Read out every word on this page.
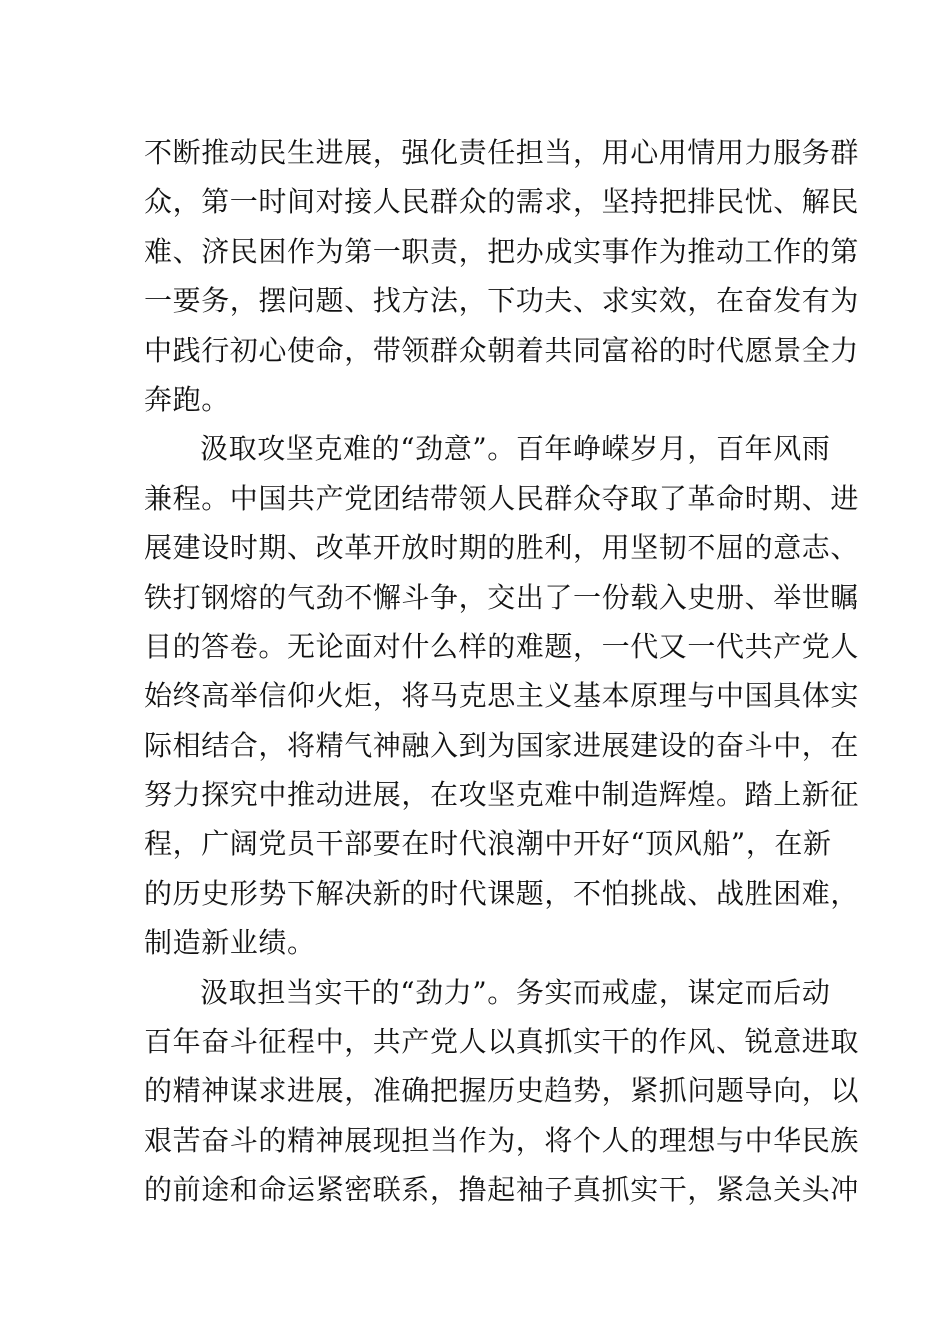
不断推动民生进展，强化责任担当，用心用情用力服务群
众，第一时间对接人民群众的需求，坚持把排民忧、解民
难、济民困作为第一职责，把办成实事作为推动工作的第
一要务，摆问题、找方法，下功夫、求实效，在奋发有为
中践行初心使命，带领群众朝着共同富裕的时代愿景全力
奔跑。
汲取攻坚克难的“劲意”。百年峥嵘岁月，百年风雨
兼程。中国共产党团结带领人民群众夺取了革命时期、进
展建设时期、改革开放时期的胜利，用坚韧不屈的意志、
铁打钢熔的气劲不懈斗争，交出了一份载入史册、举世瞩
目的答卷。无论面对什么样的难题，一代又一代共产党人
始终高举信仰火炬，将马克思主义基本原理与中国具体实
际相结合，将精气神融入到为国家进展建设的奋斗中，在
努力探究中推动进展，在攻坚克难中制造辉煌。踏上新征
程，广阔党员干部要在时代浪潮中开好“顶风船”，在新
的历史形势下解决新的时代课题，不怕挑战、战胜困难，
制造新业绩。
汲取担当实干的“劲力”。务实而戒虚，谋定而后动
百年奋斗征程中，共产党人以真抓实干的作风、锐意进取
的精神谋求进展，准确把握历史趋势，紧抓问题导向，以
艰苦奋斗的精神展现担当作为，将个人的理想与中华民族
的前途和命运紧密联系，撸起袖子真抓实干，紧急关头冲
